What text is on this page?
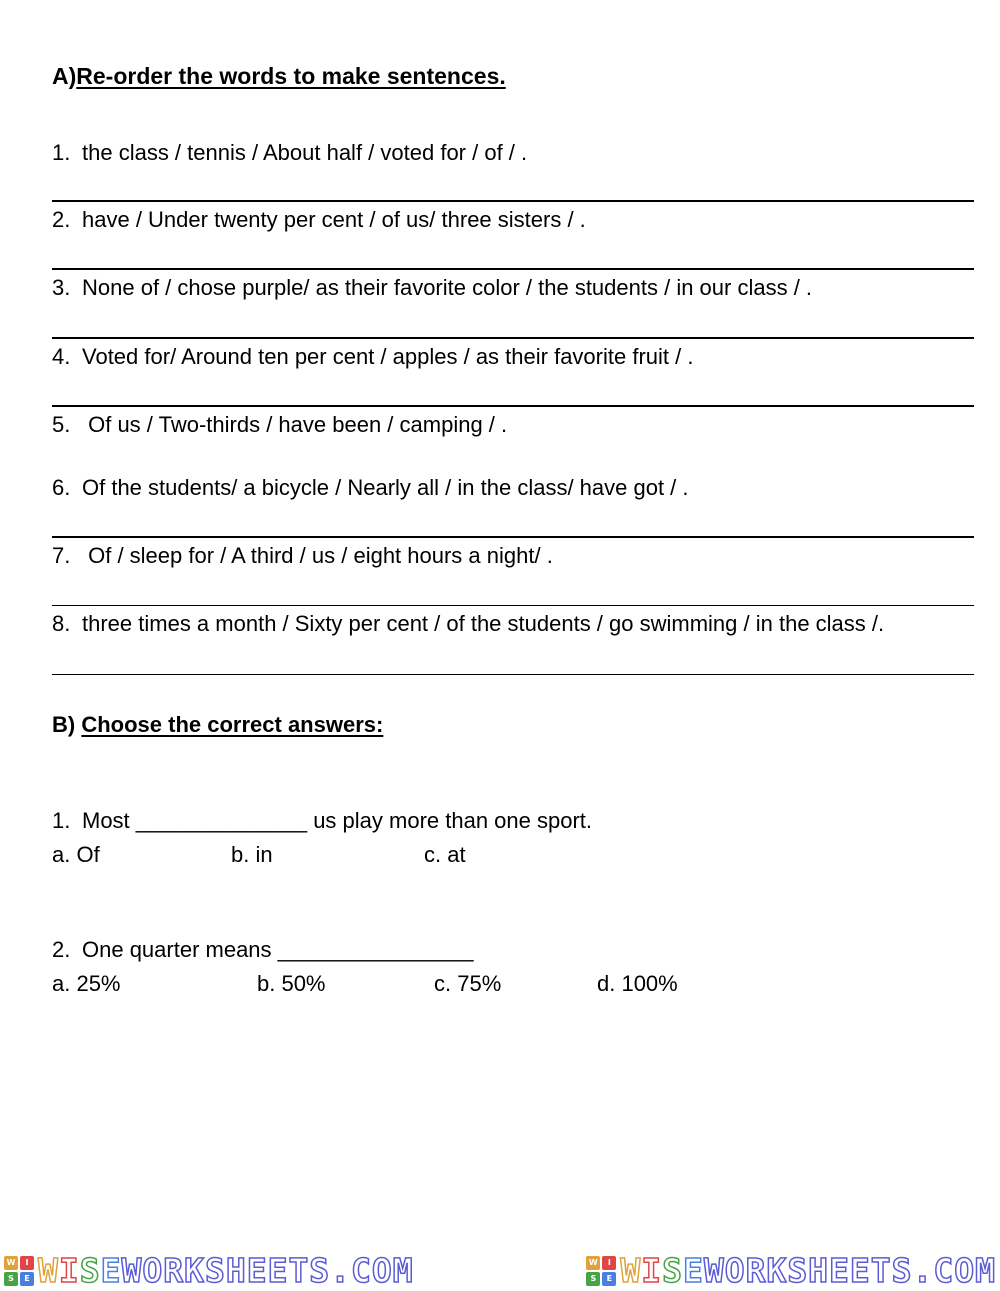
A)Re-order the words to make sentences.
1. the class / tennis / About half / voted for / of / .
2. have / Under twenty per cent / of us/ three sisters / .
3. None of / chose purple/ as their favorite color / the students / in our class / .
4. Voted for/ Around ten per cent / apples / as their favorite fruit / .
5. Of us / Two-thirds / have been / camping / .
6. Of the students/ a bicycle / Nearly all / in the class/ have got / .
7. Of / sleep for / A third / us / eight hours a night/ .
8. three times a month / Sixty per cent / of the students / go swimming / in the class /.
B) Choose the correct answers:
1. Most ______________ us play more than one sport.
a. Of	b. in	c. at
2. One quarter means ________________
a. 25%	b. 50%	c. 75%	d. 100%
W	I
S	E WISEWORKSHEETS.COM	W	I
S	E WISEWORKSHEETS.COM
